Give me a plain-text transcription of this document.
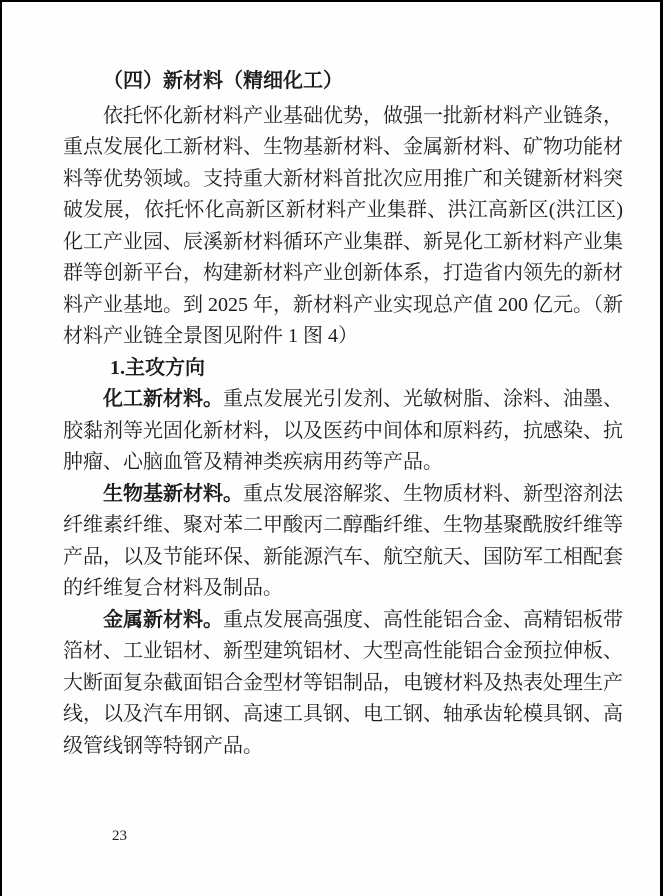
（四）新材料（精细化工）

依托怀化新材料产业基础优势，做强一批新材料产业链条，重点发展化工新材料、生物基新材料、金属新材料、矿物功能材料等优势领域。支持重大新材料首批次应用推广和关键新材料突破发展，依托怀化高新区新材料产业集群、洪江高新区(洪江区)化工产业园、辰溪新材料循环产业集群、新晃化工新材料产业集群等创新平台，构建新材料产业创新体系，打造省内领先的新材料产业基地。到 2025 年，新材料产业实现总产值 200 亿元。（新材料产业链全景图见附件 1 图 4）

1.主攻方向

化工新材料。重点发展光引发剂、光敏树脂、涂料、油墨、胶黏剂等光固化新材料，以及医药中间体和原料药，抗感染、抗肿瘤、心脑血管及精神类疾病用药等产品。

生物基新材料。重点发展溶解浆、生物质材料、新型溶剂法纤维素纤维、聚对苯二甲酸丙二醇酯纤维、生物基聚酰胺纤维等产品，以及节能环保、新能源汽车、航空航天、国防军工相配套的纤维复合材料及制品。

金属新材料。重点发展高强度、高性能铝合金、高精铝板带箔材、工业铝材、新型建筑铝材、大型高性能铝合金预拉伸板、大断面复杂截面铝合金型材等铝制品，电镀材料及热表处理生产线，以及汽车用钢、高速工具钢、电工钢、轴承齿轮模具钢、高级管线钢等特钢产品。

23
